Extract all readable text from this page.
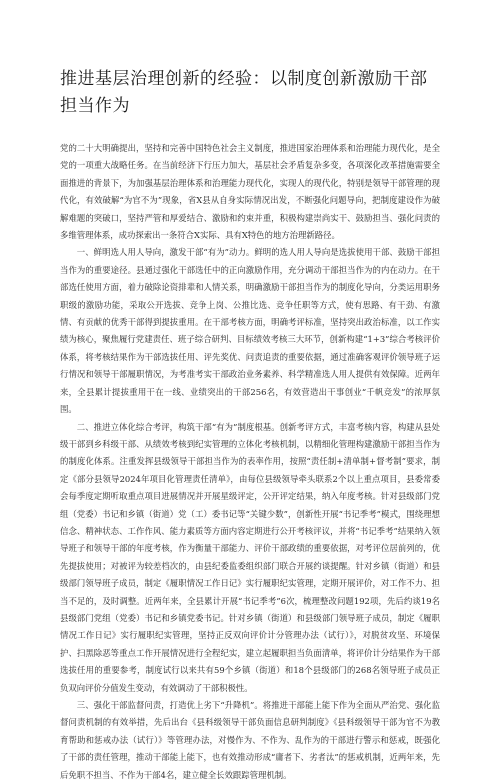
推进基层治理创新的经验：以制度创新激励干部担当作为

党的二十大明确提出，坚持和完善中国特色社会主义制度，推进国家治理体系和治理能力现代化，是全党的一项重大战略任务。在当前经济下行压力加大，基层社会矛盾复杂多变，各项深化改革措施需要全面推进的背景下，为加强基层治理体系和治理能力现代化，实现人的现代化，特别是领导干部管理的现代化，有效破解“为官不为”现象，省X县从自身实际情况出发，不断强化问题导向，把制度建设作为破解难题的突破口，坚持严管和厚爱结合、激励和约束并重，积极构建崇尚实干、鼓励担当、强化问责的多维管理体系，成功探索出一条符合X实际、具有X特色的地方治理新路径。

一、鲜明选人用人导向，激发干部“有为”动力。鲜明的选人用人导向是选拔使用干部、鼓励干部担当作为的重要途径。县通过强化干部选任中的正向激励作用，充分调动干部担当作为的内在动力。在干部选任使用方面，着力破除论资排辈和人情关系，明确激励干部担当作为的制度化导向，分类运用职务职级的激励功能，采取公开选拔、竞争上岗、公推比选、竞争任职等方式，使有思路、有干劲、有激情、有贡献的优秀干部得到提拔重用。在干部考核方面，明确考评标准，坚持突出政治标准，以工作实绩为核心，聚焦履行党建责任、班子综合研判、目标绩效考核三大环节，创新构建“1+3”综合考核评价体系，将考核结果作为干部选拔任用、评先奖优、问责追责的重要依据，通过准确客观评价领导班子运行情况和领导干部履职情况，为考准考实干部政治业务素养、科学精准选人用人提供有效保障。近两年来，全县累计提拔重用干在一线、业绩突出的干部256名，有效营造出干事创业“千帆竞发”的浓厚氛围。

二、推进立体化综合考评，构筑干部“有为”制度根基。创新考评方式，丰富考核内容，构建从县处级干部到乡科级干部、从绩效考核到纪实管理的立体化考核机制，以精细化管理构建激励干部担当作为的制度化体系。注重发挥县级领导干部担当作为的表率作用，按照“责任制+清单制+督考制”要求，制定《部分县领导2024年项目化管理责任清单》，由每位县级领导牵头联系2个以上重点项目，县委常委会每季度定期听取重点项目进展情况并开展星级评定，公开评定结果，纳入年度考核。针对县级部门党组（党委）书记和乡镇（街道）党（工）委书记等“关键少数”，创新性开展“书记季考”模式，围绕理想信念、精神状态、工作作风、能力素质等方面内容定期进行公开考核评议，并将“书记季考”结果纳入领导班子和领导干部的年度考核，作为衡量干部能力、评价干部政绩的重要依据，对考评位居前列的，优先提拔使用；对被评为较差档次的，由县纪委监委组织部门联合开展约谈提醒。针对乡镇（街道）和县级部门领导班子成员，制定《履职情况工作日记》实行履职纪实管理，定期开展评价，对工作不力、担当不足的，及时调整。近两年来，全县累计开展“书记季考”6次，梳理整改问题192项，先后约谈19名县级部门党组（党委）书记和乡镇党委书记。针对乡镇（街道）和县级部门领导班子成员，制定《履职情况工作日记》实行履职纪实管理，坚持正反双向评价计分管理办法（试行）》，对脱贫攻坚、环境保护、扫黑除恶等重点工作开展情况进行全程纪实，建立起履职担当负面清单，将评价计分结果作为干部选拔任用的重要参考，制度试行以来共有59个乡镇（街道）和18个县级部门的268名领导班子成员正负双向评价分值发生变动，有效调动了干部积极性。

三、强化干部监督问责，打造优上劣下“升降机”。将推进干部能上能下作为全面从严治党、强化监督问责机制的有效举措，先后出台《县科级领导干部负面信息研判制度》《县科级领导干部为官不为教育帮助和惩戒办法（试行）》等管理办法，对慢作为、不作为、乱作为的干部进行警示和惩戒，既强化了干部的责任管理，推动干部能上能下，也有效推动形成“庸者下、劣者汰”的惩戒机制，近两年来，先后免职不担当、不作为干部4名，建立健全长效跟踪管理机制。
